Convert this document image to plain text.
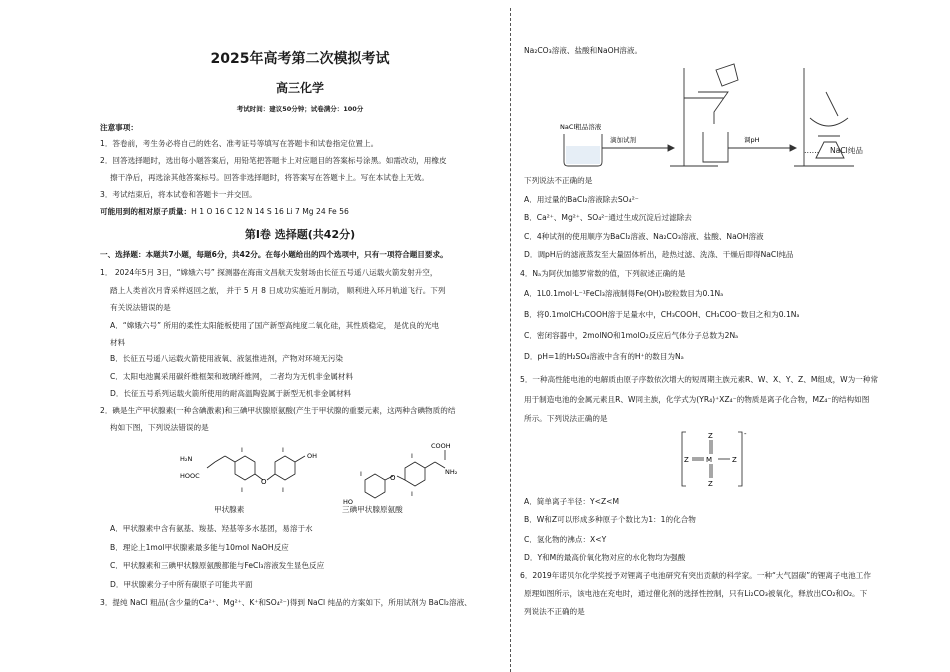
2025年高考第二次模拟考试
高三化学
考试时间：建议50分钟；试卷满分：100分
注意事项：
1．答卷前，考生务必将自己的姓名、准考证号等填写在答题卡和试卷指定位置上。
2．回答选择题时，选出每小题答案后，用铅笔把答题卡上对应题目的答案标号涂黑。如需改动，用橡皮
擦干净后，再选涂其他答案标号。回答非选择题时，将答案写在答题卡上。写在本试卷上无效。
3．考试结束后，将本试卷和答题卡一并交回。
可能用到的相对原子质量：H 1 O 16 C 12 N 14 S 16 Li 7 Mg 24 Fe 56
第Ⅰ卷 选择题(共42分)
一、选择题：本题共7小题，每题6分，共42分。在每小题给出的四个选项中，只有一项符合题目要求。
1． 2024年5月 3日，“嫦娥六号” 探测器在海南文昌航天发射场由长征五号遥八运载火箭发射升空，
踏上人类首次月背采样返回之旅， 并于 5 月 8 日成功实施近月制动， 顺利进入环月轨道飞行。下列
有关说法错误的是
A．“嫦娥六号” 所用的柔性太阳能板使用了国产新型高纯度二氧化硅，其性质稳定， 是优良的光电
材料
B．长征五号遥八运载火箭使用液氧、液氢推进剂，产物对环境无污染
C．太阳电池翼采用碳纤维框架和玻璃纤维网， 二者均为无机非金属材料
D．长征五号系列运载火箭所使用的耐高温陶瓷属于新型无机非金属材料
2．碘是生产甲状腺素(一种含碘激素)和三碘甲状腺原氨酸(产生于甲状腺的重要元素，这两种含碘物质的结
构如下图，下列说法错误的是
O
H₂N
HOOC
OH
I
I
I
I
O
COOH
NH₂
HO
I
I
I
甲状腺素	三碘甲状腺原氨酸
A．甲状腺素中含有氨基、羧基、羟基等多水基团，易溶于水
B．理论上1mol甲状腺素最多能与10mol NaOH反应
C．甲状腺素和三碘甲状腺原氨酸都能与FeCl₃溶液发生显色反应
D．甲状腺素分子中所有碳原子可能共平面
3．提纯 NaCl 粗品(含少量的Ca²⁺、Mg²⁺、K⁺和SO₄²⁻)得到 NaCl 纯品的方案如下，所用试剂为 BaCl₂溶液、
Na₂CO₃溶液、盐酸和NaOH溶液。
NaCl粗品溶液
滴加试剂	调pH
…… NaCl纯品
下列说法不正确的是
A．用过量的BaCl₂溶液除去SO₄²⁻
B．Ca²⁺、Mg²⁺、SO₄²⁻通过生成沉淀后过滤除去
C．4种试剂的使用顺序为BaCl₂溶液、Na₂CO₃溶液、盐酸、NaOH溶液
D．调pH后的滤液蒸发至大量固体析出，趁热过滤、洗涤、干燥后即得NaCl纯品
4．Nₐ为阿伏加德罗常数的值，下列叙述正确的是
A．1L0.1mol·L⁻¹FeCl₃溶液制得Fe(OH)₃胶粒数目为0.1Nₐ
B．将0.1molCH₃COOH溶于足量水中，CH₃COOH、CH₃COO⁻数目之和为0.1Nₐ
C．密闭容器中，2molNO和1molO₂反应后气体分子总数为2Nₐ
D．pH=1的H₂SO₄溶液中含有的H⁺的数目为Nₐ
5．一种高性能电池的电解质由原子序数依次增大的短周期主族元素R、W、X、Y、Z、M组成，W为一种常
用于制造电池的金属元素且R、W同主族，化学式为(YR₄)⁺XZ₄⁻的物质是离子化合物，MZ₄⁻的结构如图
所示。下列说法正确的是
Z
Z M	Z
Z
-
A．简单离子半径：Y<Z<M
B．W和Z可以形成多种原子个数比为1：1的化合物
C．氢化物的沸点：X<Y
D．Y和M的最高价氧化物对应的水化物均为强酸
6．2019年诺贝尔化学奖授予对锂离子电池研究有突出贡献的科学家。一种“大气固碳”的锂离子电池工作
原理如图所示，该电池在充电时，通过催化剂的选择性控制，只有Li₂CO₃被氧化，释放出CO₂和O₂。下
列说法不正确的是
